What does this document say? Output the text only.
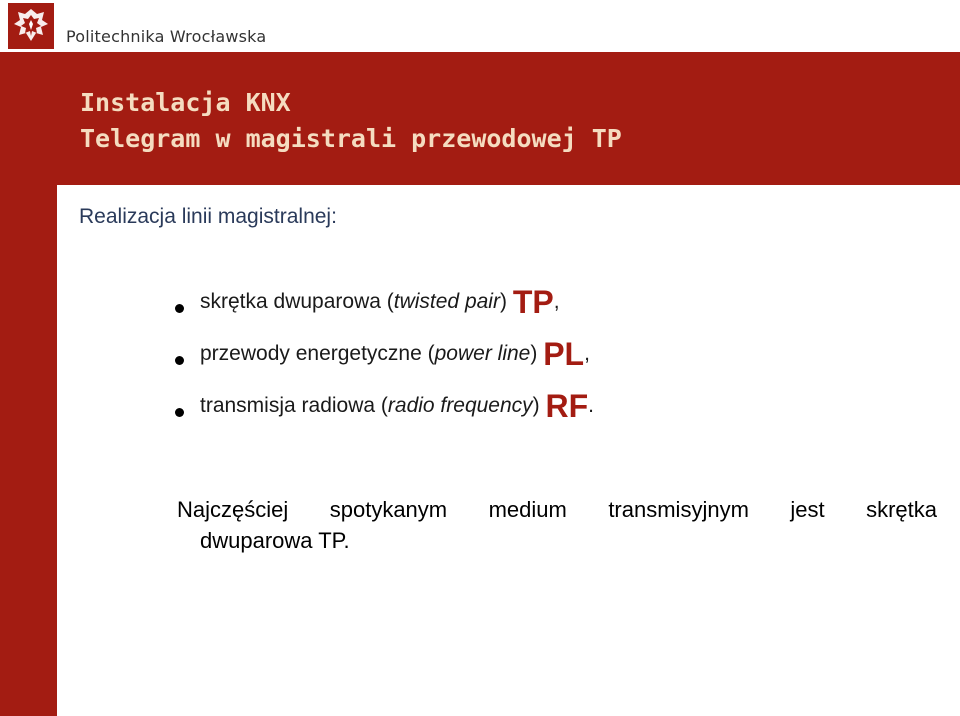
Politechnika Wrocławska
Instalacja KNX
Telegram w magistrali przewodowej TP
Realizacja linii magistralnej:
skrętka dwuparowa (twisted pair) TP,
przewody energetyczne (power line) PL,
transmisja radiowa (radio frequency) RF.
Najczęściej spotykanym medium transmisyjnym jest skrętka
dwuparowa TP.
